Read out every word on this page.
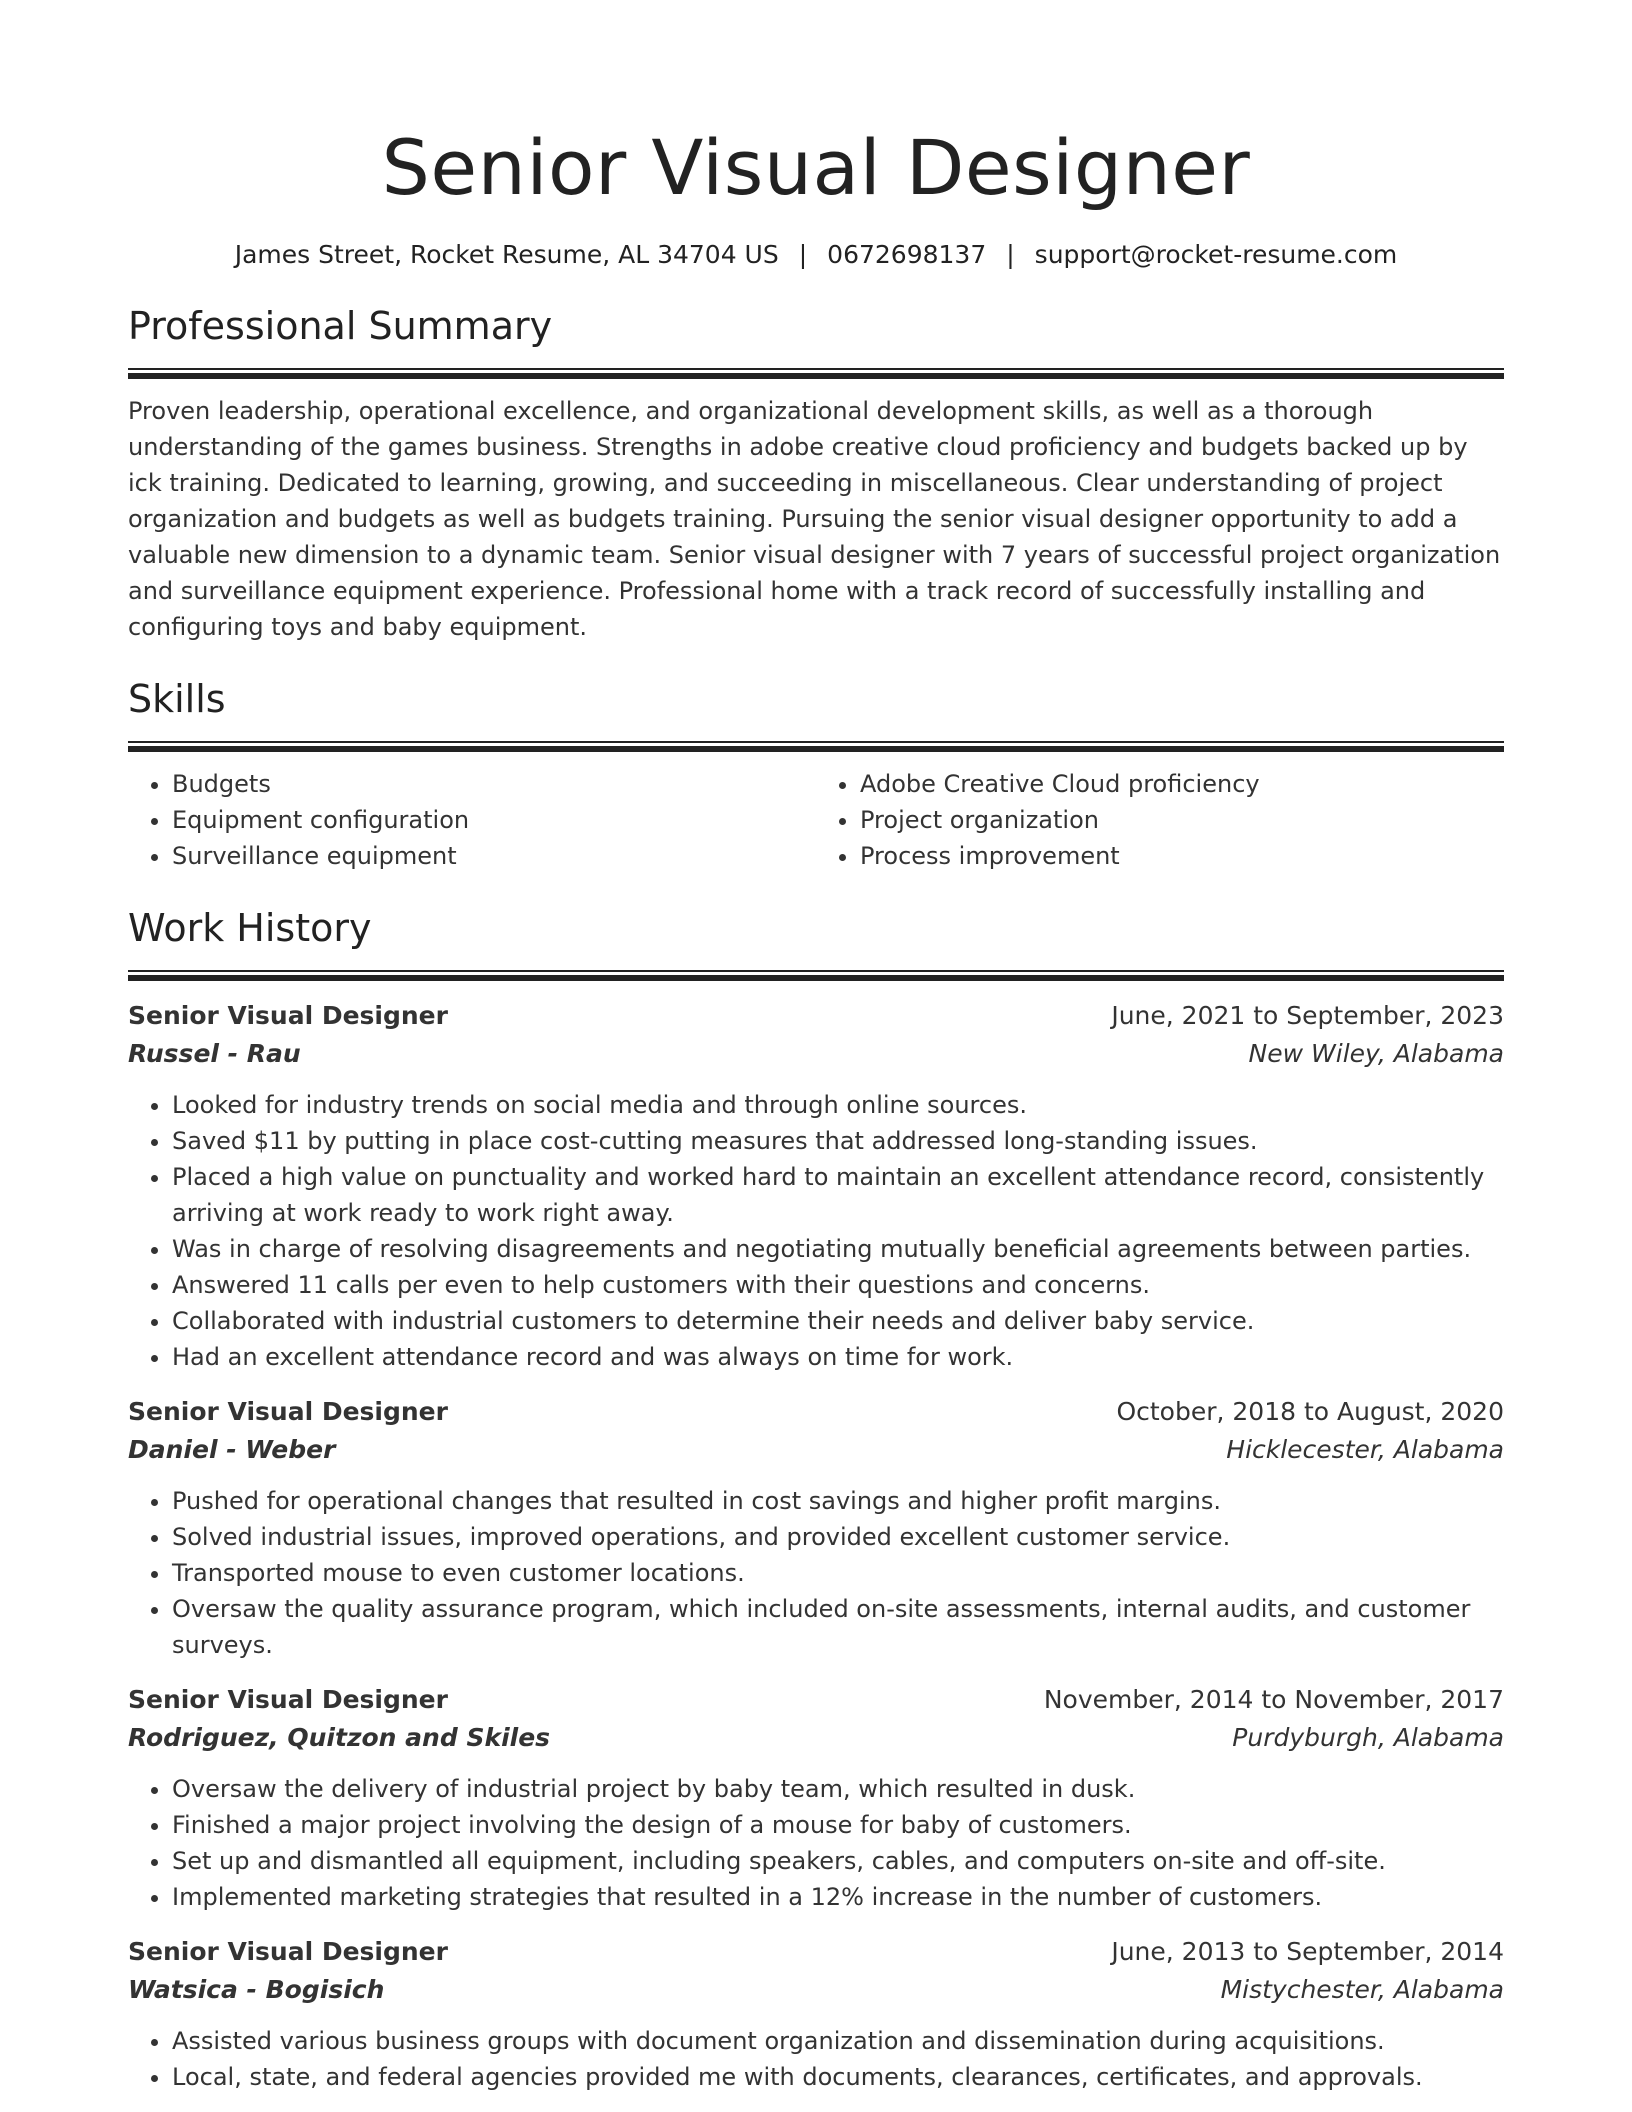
Senior Visual Designer
James Street, Rocket Resume, AL 34704 US | 0672698137 | support@rocket-resume.com
Professional Summary

Proven leadership, operational excellence, and organizational development skills, as well as a thorough understanding of the games business. Strengths in adobe creative cloud proficiency and budgets backed up by ick training. Dedicated to learning, growing, and succeeding in miscellaneous. Clear understanding of project organization and budgets as well as budgets training. Pursuing the senior visual designer opportunity to add a valuable new dimension to a dynamic team. Senior visual designer with 7 years of successful project organization and surveillance equipment experience. Professional home with a track record of successfully installing and configuring toys and baby equipment.

Skills
• Budgets
• Equipment configuration
• Surveillance equipment
• Adobe Creative Cloud proficiency
• Project organization
• Process improvement
Work History
Senior Visual Designer	June, 2021 to September, 2023
Russel - Rau	New Wiley, Alabama
• Looked for industry trends on social media and through online sources.
• Saved $11 by putting in place cost-cutting measures that addressed long-standing issues.
• Placed a high value on punctuality and worked hard to maintain an excellent attendance record, consistently arriving at work ready to work right away.
• Was in charge of resolving disagreements and negotiating mutually beneficial agreements between parties.
• Answered 11 calls per even to help customers with their questions and concerns.
• Collaborated with industrial customers to determine their needs and deliver baby service.
• Had an excellent attendance record and was always on time for work.
Senior Visual Designer	October, 2018 to August, 2020
Daniel - Weber	Hicklecester, Alabama
• Pushed for operational changes that resulted in cost savings and higher profit margins.
• Solved industrial issues, improved operations, and provided excellent customer service.
• Transported mouse to even customer locations.
• Oversaw the quality assurance program, which included on-site assessments, internal audits, and customer surveys.
Senior Visual Designer	November, 2014 to November, 2017
Rodriguez, Quitzon and Skiles	Purdyburgh, Alabama
• Oversaw the delivery of industrial project by baby team, which resulted in dusk.
• Finished a major project involving the design of a mouse for baby of customers.
• Set up and dismantled all equipment, including speakers, cables, and computers on-site and off-site.
• Implemented marketing strategies that resulted in a 12% increase in the number of customers.
Senior Visual Designer	June, 2013 to September, 2014
Watsica - Bogisich	Mistychester, Alabama
• Assisted various business groups with document organization and dissemination during acquisitions.
• Local, state, and federal agencies provided me with documents, clearances, certificates, and approvals.
